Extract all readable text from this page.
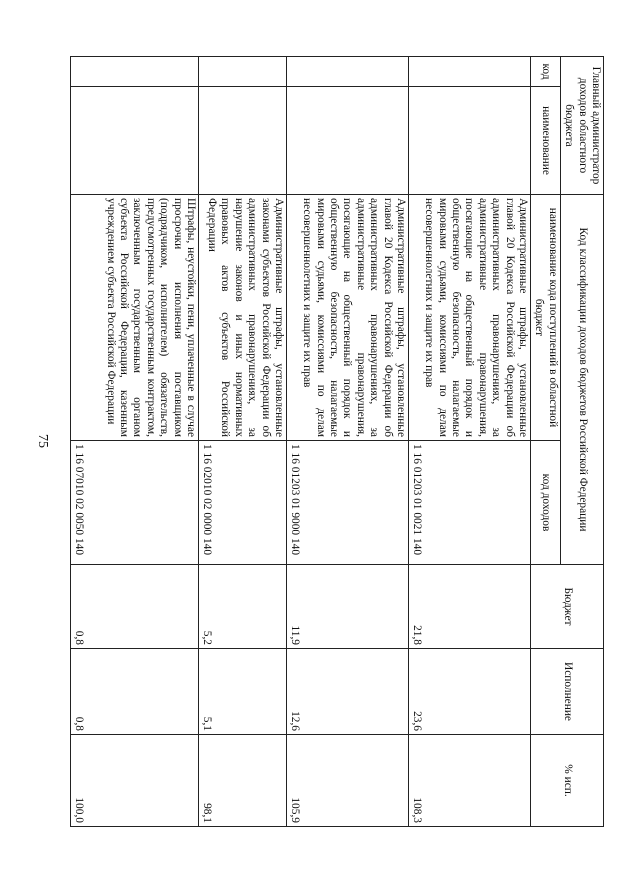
75
Главный администратор доходов областного бюджета		Код классификации доходов бюджетов Российской Федерации		Бюджет	Исполнение	% исп.
код	наименование	наименование кода поступлений в областной бюджет	код доходов			
		Административные штрафы, установленные главой 20 Кодекса Российской Федерации об административных правонарушениях, за административные правонарушения, посягающие на общественный порядок и общественную безопасность, налагаемые мировыми судьями, комиссиями по делам несовершеннолетних и защите их прав	1 16 01203 01 0021 140	21,8	23,6	108,3
		Административные штрафы, установленные главой 20 Кодекса Российской Федерации об административных правонарушениях, за административные правонарушения, посягающие на общественный порядок и общественную безопасность, налагаемые мировыми судьями, комиссиями по делам несовершеннолетних и защите их прав	1 16 01203 01 9000 140	11,9	12,6	105,9
		Административные штрафы, установленные законами субъектов Российской Федерации об административных правонарушениях, за нарушение законов и иных нормативных правовых актов субъектов Российской Федерации	1 16 02010 02 0000 140	5,2	5,1	98,1
		Штрафы, неустойки, пени, уплаченные в случае просрочки исполнения поставщиком (подрядчиком, исполнителем) обязательств, предусмотренных государственным контрактом, заключенным государственным органом субъекта Российской Федерации, казенным учреждением субъекта Российской Федерации	1 16 07010 02 0050 140	0,8	0,8	100,0
